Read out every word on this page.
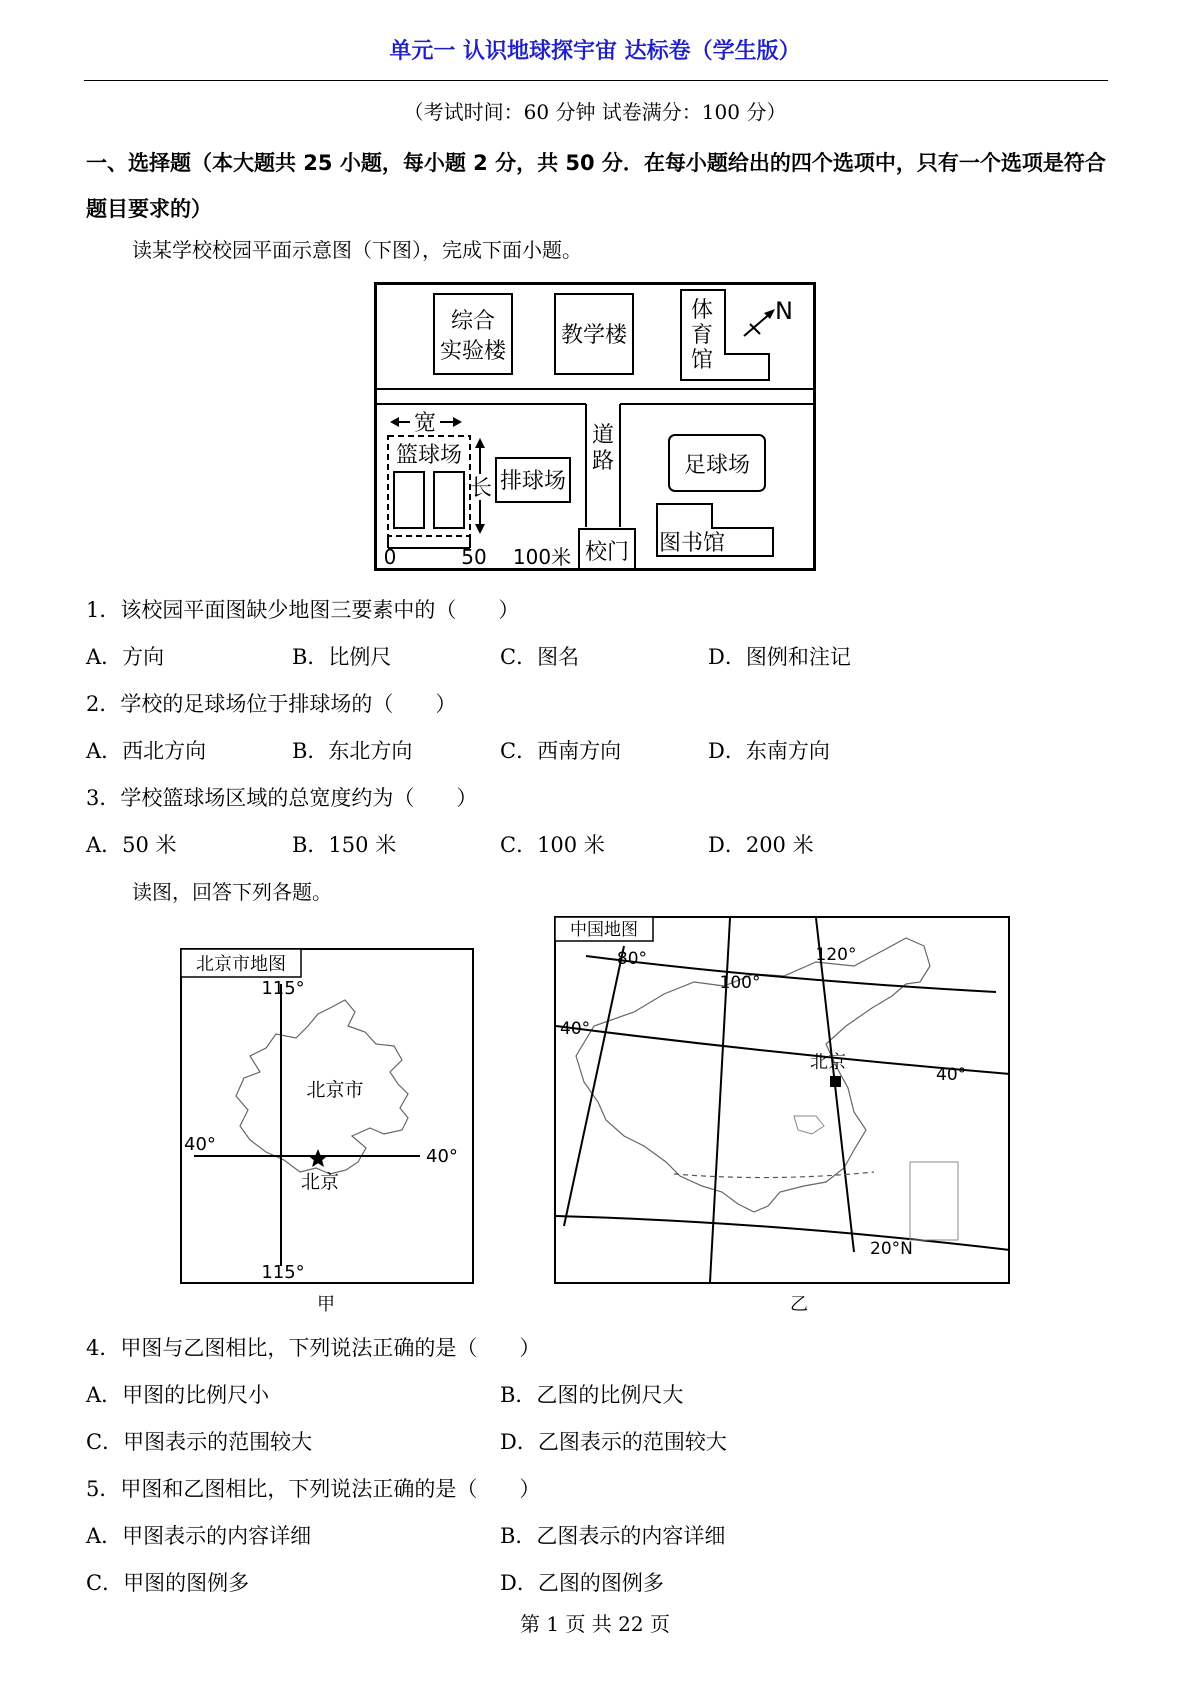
单元一 认识地球探宇宙 达标卷（学生版）
（考试时间：60 分钟 试卷满分：100 分）
一、选择题（本大题共 25 小题，每小题 2 分，共 50 分．在每小题给出的四个选项中，只有一个选项是符合题目要求的）
读某学校校园平面示意图（下图），完成下面小题。
综合
实验楼
教学楼
体
育
馆
N
宽
篮球场
长 排球场
道
路	足球场
图书馆
校门
0	50 100米
1．该校园平面图缺少地图三要素中的（　　）
A．方向	B．比例尺	C．图名	D．图例和注记
2．学校的足球场位于排球场的（　　）
A．西北方向	B．东北方向	C．西南方向	D．东南方向
3．学校篮球场区域的总宽度约为（　　）
A．50 米	B．150 米	C．100 米	D．200 米
读图，回答下列各题。
北京市地图
115°
115°
40°
40°
北京市
北京
甲
中国地图
80°
100°
120°
40°
40°
北京
20°N
乙
4．甲图与乙图相比，下列说法正确的是（　　）
A．甲图的比例尺小	B．乙图的比例尺大
C．甲图表示的范围较大	D．乙图表示的范围较大
5．甲图和乙图相比，下列说法正确的是（　　）
A．甲图表示的内容详细	B．乙图表示的内容详细
C．甲图的图例多	D．乙图的图例多
第 1 页 共 22 页
